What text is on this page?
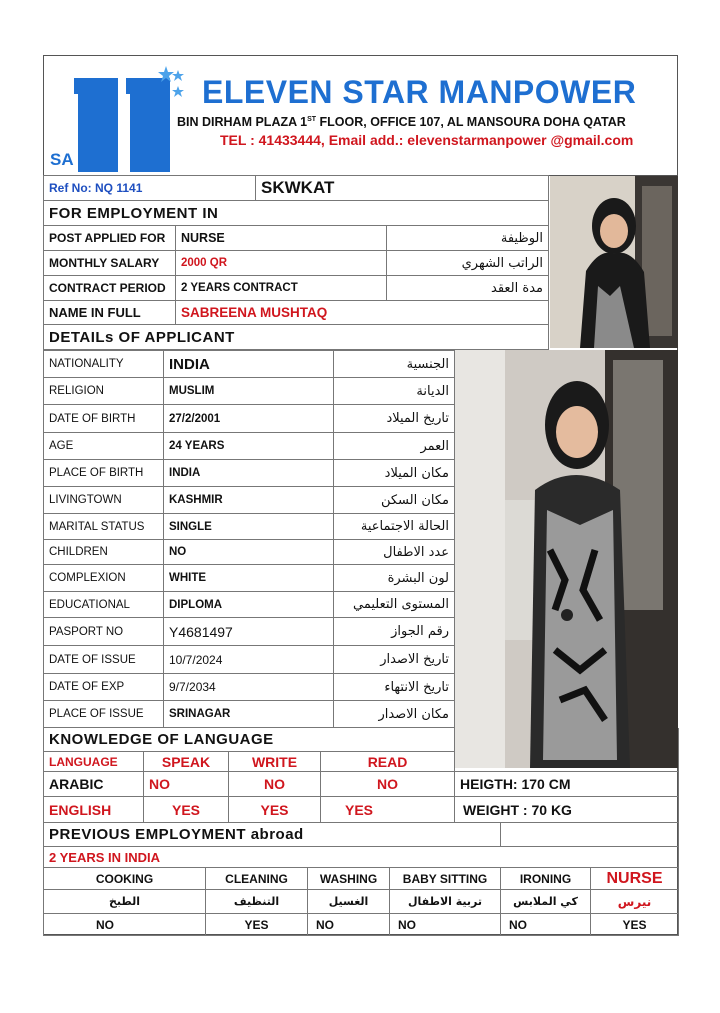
SA
ELEVEN STAR MANPOWER
BIN DIRHAM PLAZA 1ST FLOOR, OFFICE 107, AL MANSOURA DOHA QATAR
TEL : 41433444, Email add.: elevenstarmanpower @gmail.com
Ref No: NQ 1141		SKWKAT	
FOR EMPLOYMENT IN			
POST APPLIED FOR	NURSE		الوظيفة
MONTHLY SALARY	2000 QR		الراتب الشهري
CONTRACT PERIOD	2 YEARS CONTRACT		مدة العقد
NAME IN FULL	SABREENA MUSHTAQ		
DETAILs OF APPLICANT			
NATIONALITY	INDIA	الجنسية
RELIGION	MUSLIM	الديانة
DATE OF BIRTH	27/2/2001	تاريخ الميلاد
AGE	24 YEARS	العمر
PLACE OF BIRTH	INDIA	مكان الميلاد
LIVINGTOWN	KASHMIR	مكان السكن
MARITAL STATUS	SINGLE	الحالة الاجتماعية
CHILDREN	NO	عدد الاطفال
COMPLEXION	WHITE	لون البشرة
EDUCATIONAL	DIPLOMA	المستوى التعليمي
PASPORT NO	Y4681497	رقم الجواز
DATE OF ISSUE	10/7/2024	تاريخ الاصدار
DATE OF EXP	9/7/2034	تاريخ الانتهاء
PLACE OF ISSUE	SRINAGAR	مكان الاصدار
KNOWLEDGE OF LANGUAGE				
LANGUAGE	SPEAK	WRITE	READ	
ARABIC	NO	NO	NO	HEIGTH: 170 CM
ENGLISH	YES	YES	YES	WEIGHT : 70 KG
PREVIOUS EMPLOYMENT abroad					
2 YEARS IN INDIA					
COOKING	CLEANING	WASHING	BABY SITTING	IRONING	NURSE
الطبخ	التنظيف	الغسيل	تربية الاطفال	كي الملابس	نيرس
NO	YES	NO	NO	NO	YES
